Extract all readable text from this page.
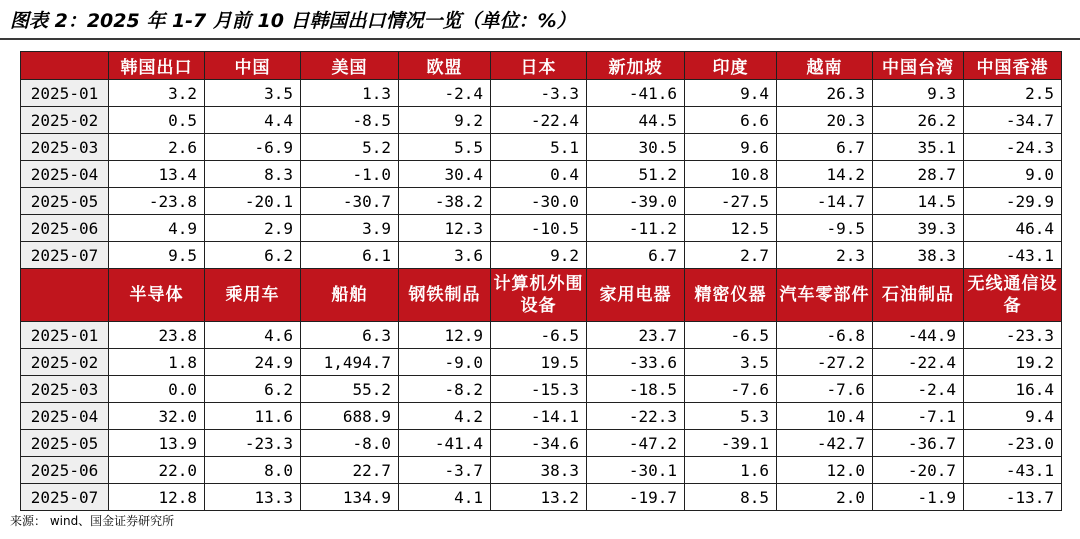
图表 2：2025 年 1-7 月前 10 日韩国出口情况一览（单位：%）
	韩国出口	中国	美国	欧盟	日本	新加坡	印度	越南	中国台湾	中国香港
2025-01	3.2	3.5	1.3	-2.4	-3.3	-41.6	9.4	26.3	9.3	2.5
2025-02	0.5	4.4	-8.5	9.2	-22.4	44.5	6.6	20.3	26.2	-34.7
2025-03	2.6	-6.9	5.2	5.5	5.1	30.5	9.6	6.7	35.1	-24.3
2025-04	13.4	8.3	-1.0	30.4	0.4	51.2	10.8	14.2	28.7	9.0
2025-05	-23.8	-20.1	-30.7	-38.2	-30.0	-39.0	-27.5	-14.7	14.5	-29.9
2025-06	4.9	2.9	3.9	12.3	-10.5	-11.2	12.5	-9.5	39.3	46.4
2025-07	9.5	6.2	6.1	3.6	9.2	6.7	2.7	2.3	38.3	-43.1
	半导体	乘用车	船舶	钢铁制品	计算机外围设备	家用电器	精密仪器	汽车零部件	石油制品	无线通信设备
2025-01	23.8	4.6	6.3	12.9	-6.5	23.7	-6.5	-6.8	-44.9	-23.3
2025-02	1.8	24.9	1,494.7	-9.0	19.5	-33.6	3.5	-27.2	-22.4	19.2
2025-03	0.0	6.2	55.2	-8.2	-15.3	-18.5	-7.6	-7.6	-2.4	16.4
2025-04	32.0	11.6	688.9	4.2	-14.1	-22.3	5.3	10.4	-7.1	9.4
2025-05	13.9	-23.3	-8.0	-41.4	-34.6	-47.2	-39.1	-42.7	-36.7	-23.0
2025-06	22.0	8.0	22.7	-3.7	38.3	-30.1	1.6	12.0	-20.7	-43.1
2025-07	12.8	13.3	134.9	4.1	13.2	-19.7	8.5	2.0	-1.9	-13.7
来源： wind、国金证券研究所
